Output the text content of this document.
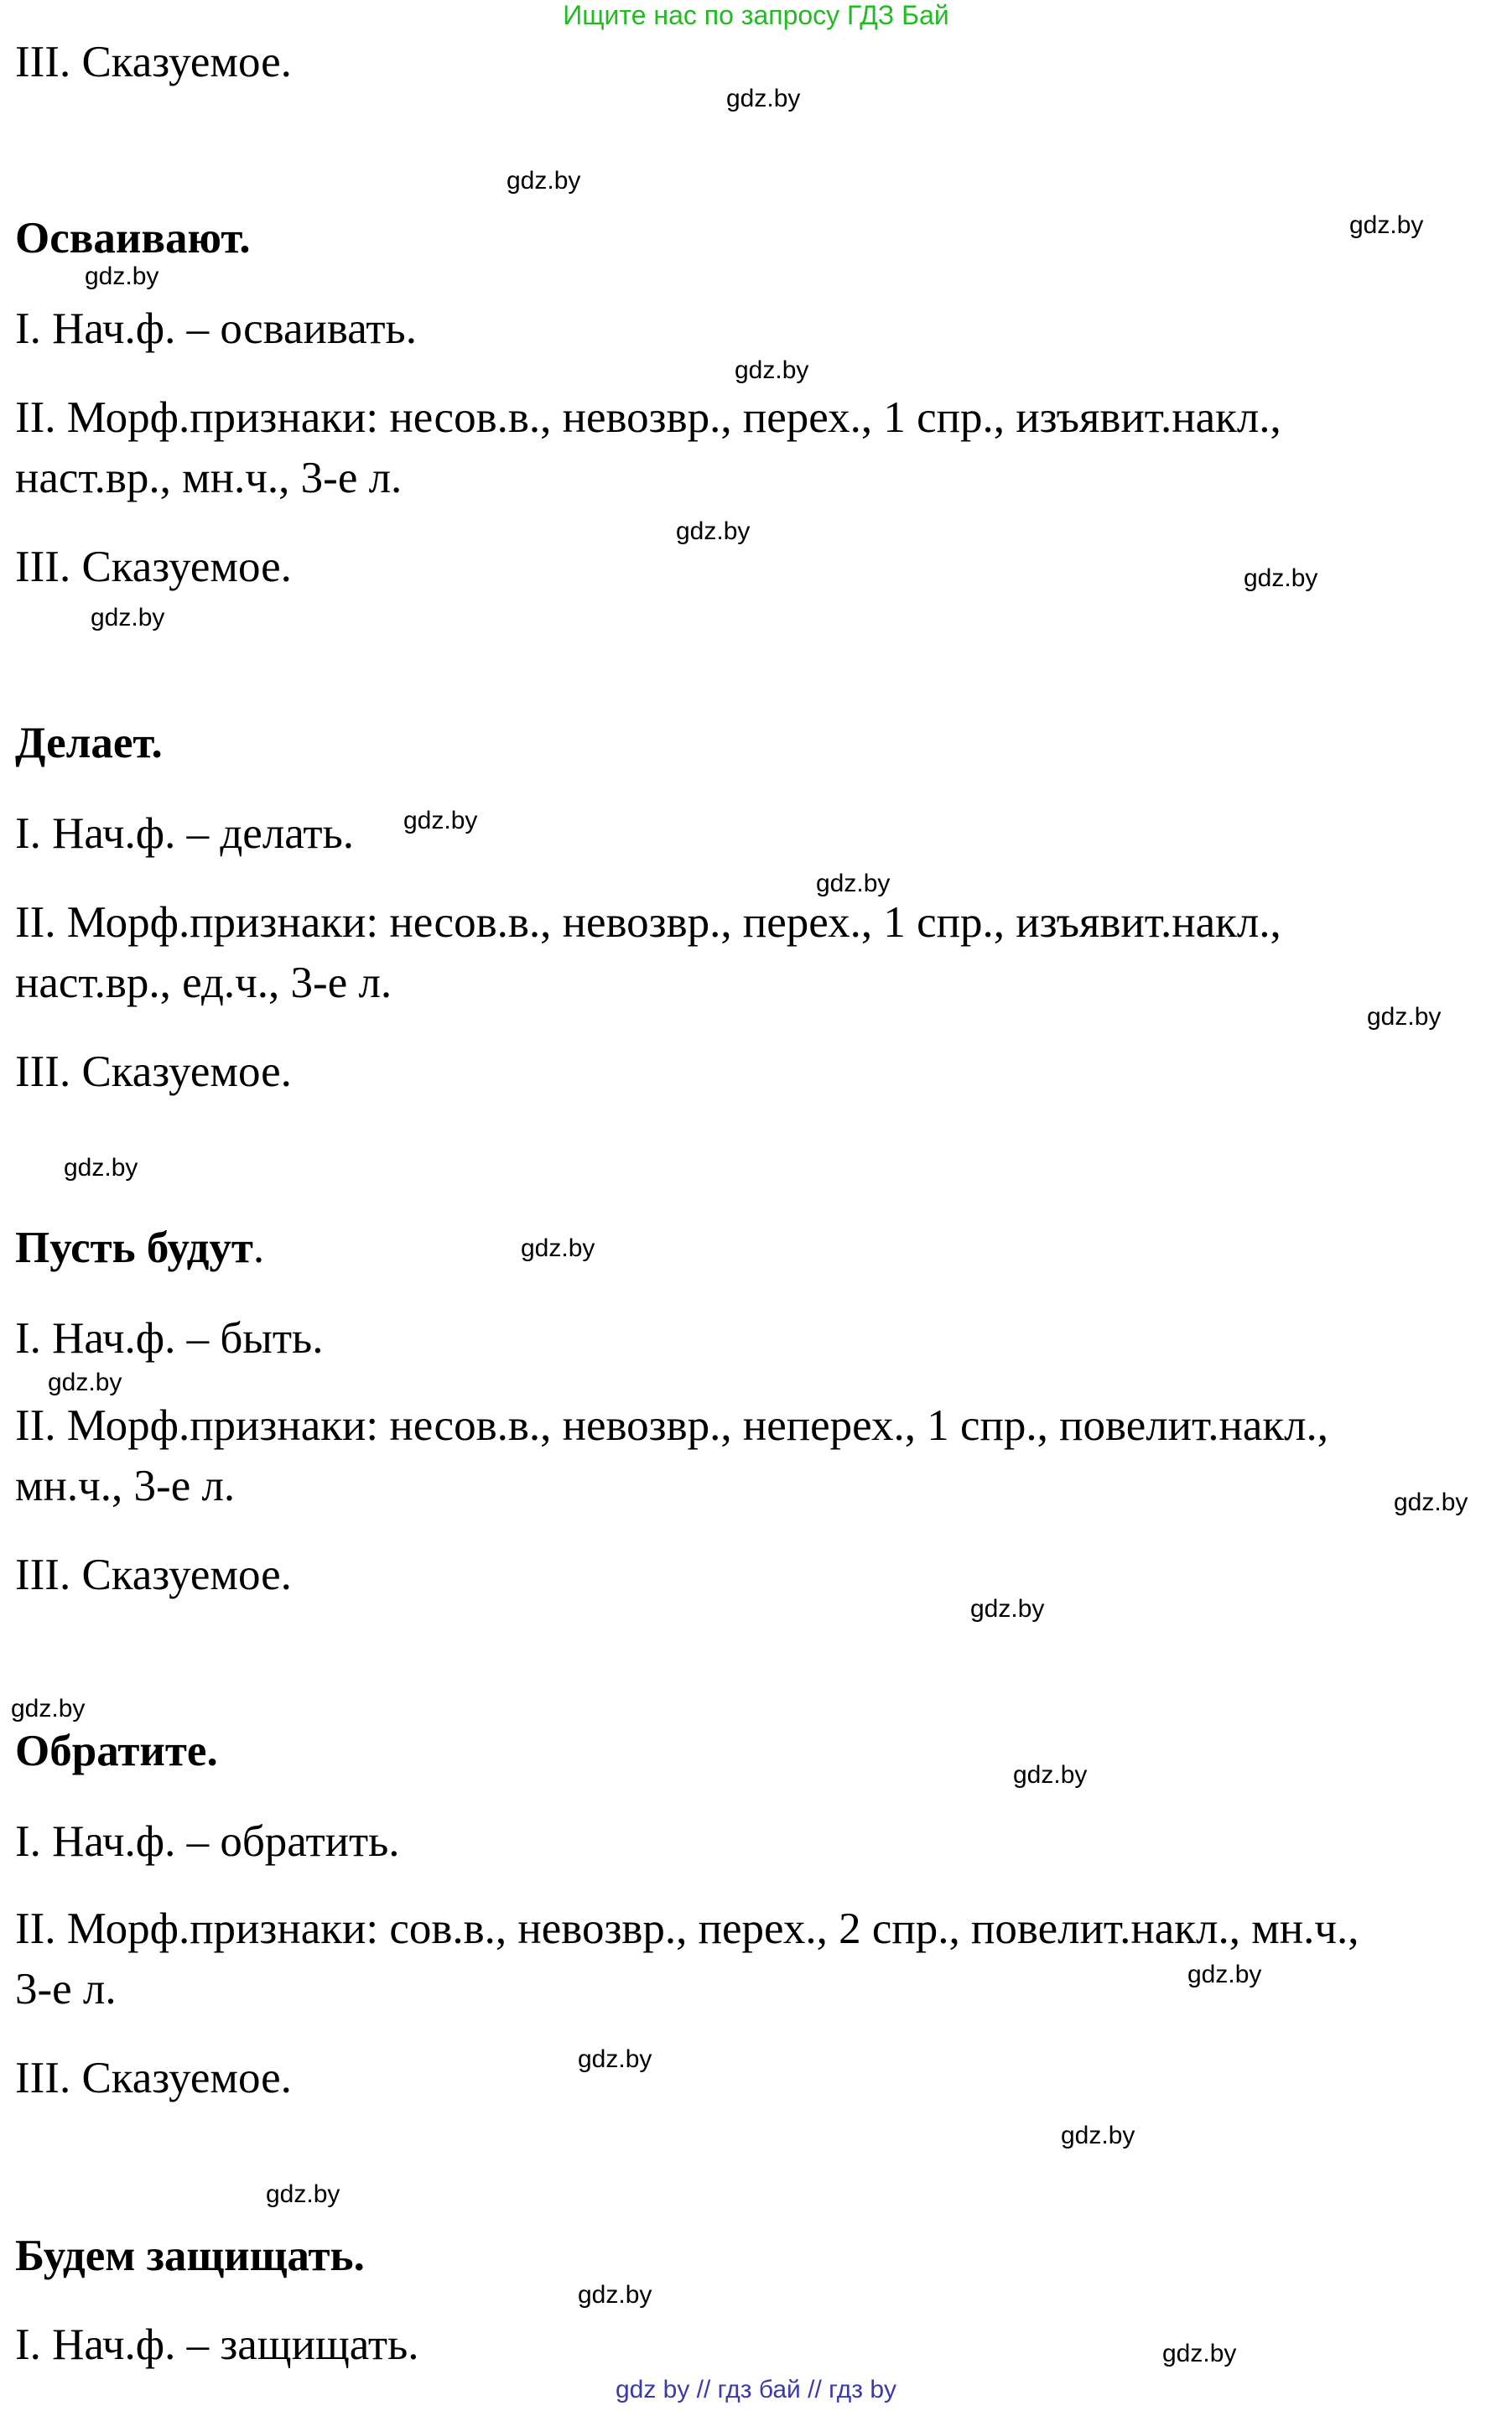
Ищите нас по запросу ГДЗ Бай
III. Сказуемое.
Осваивают.
I. Нач.ф. – осваивать.
II. Морф.признаки: несов.в., невозвр., перех., 1 спр., изъявит.накл.,
наст.вр., мн.ч., 3-е л.
III. Сказуемое.
Делает.
I. Нач.ф. – делать.
II. Морф.признаки: несов.в., невозвр., перех., 1 спр., изъявит.накл.,
наст.вр., ед.ч., 3-е л.
III. Сказуемое.
Пусть будут.
I. Нач.ф. – быть.
II. Морф.признаки: несов.в., невозвр., неперех., 1 спр., повелит.накл.,
мн.ч., 3-е л.
III. Сказуемое.
Обратите.
I. Нач.ф. – обратить.
II. Морф.признаки: сов.в., невозвр., перех., 2 спр., повелит.накл., мн.ч.,
3-е л.
III. Сказуемое.
Будем защищать.
I. Нач.ф. – защищать.
gdz.by
gdz.by
gdz.by
gdz.by
gdz.by
gdz.by
gdz.by
gdz.by
gdz.by
gdz.by
gdz.by
gdz.by
gdz.by
gdz.by
gdz.by
gdz.by
gdz.by
gdz.by
gdz.by
gdz.by
gdz.by
gdz.by
gdz.by
gdz.by
gdz by // гдз бай // гдз by
